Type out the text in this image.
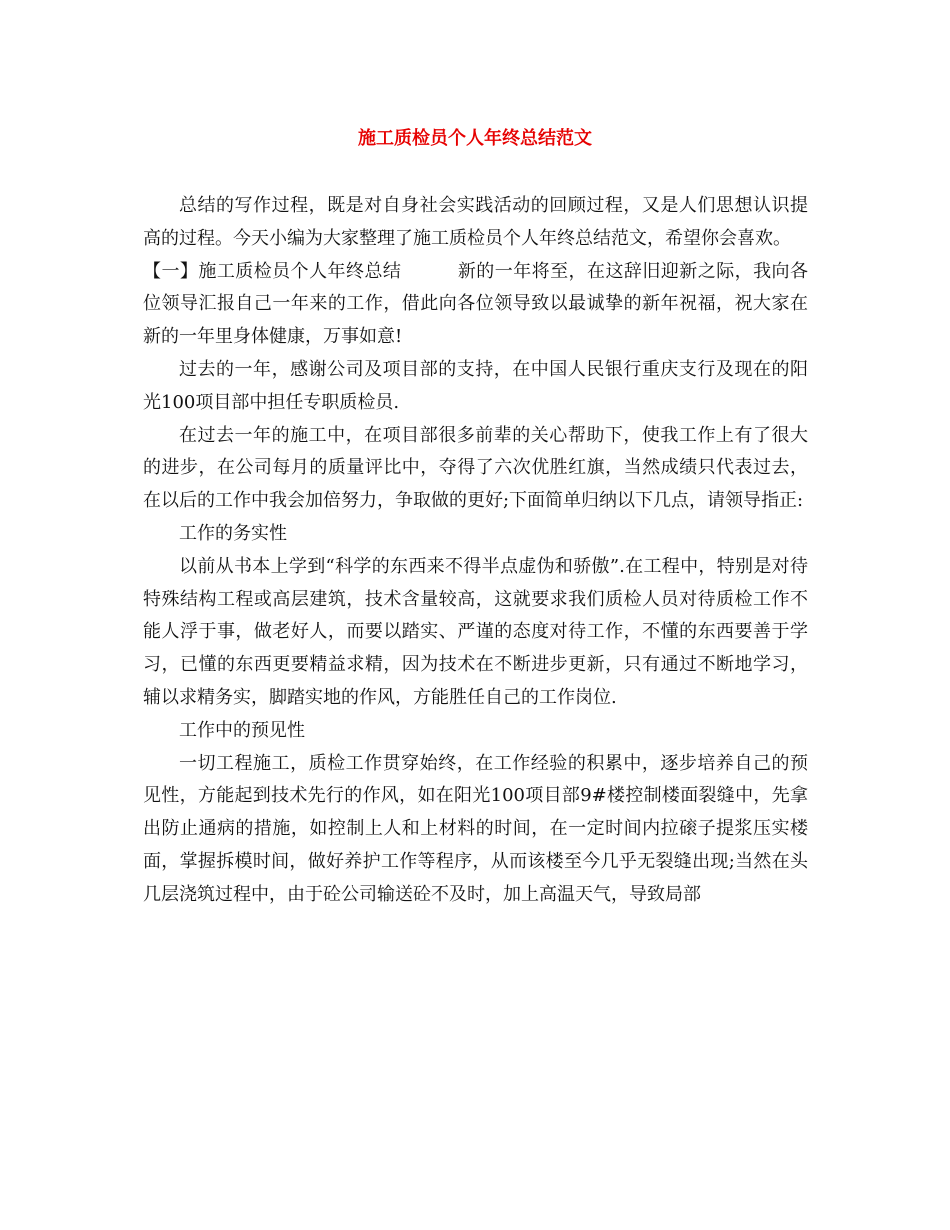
施工质检员个人年终总结范文

总结的写作过程，既是对自身社会实践活动的回顾过程，又是人们思想认识提高的过程。今天小编为大家整理了施工质检员个人年终总结范文，希望你会喜欢。

【一】施工质检员个人年终总结	新的一年将至，在这辞旧迎新之际，我向各位领导汇报自己一年来的工作，借此向各位领导致以最诚挚的新年祝福，祝大家在新的一年里身体健康，万事如意!

过去的一年，感谢公司及项目部的支持，在中国人民银行重庆支行及现在的阳光100项目部中担任专职质检员.

在过去一年的施工中，在项目部很多前辈的关心帮助下，使我工作上有了很大的进步，在公司每月的质量评比中，夺得了六次优胜红旗，当然成绩只代表过去，在以后的工作中我会加倍努力，争取做的更好;下面简单归纳以下几点，请领导指正:

工作的务实性

以前从书本上学到“科学的东西来不得半点虚伪和骄傲”.在工程中，特别是对待特殊结构工程或高层建筑，技术含量较高，这就要求我们质检人员对待质检工作不能人浮于事，做老好人，而要以踏实、严谨的态度对待工作，不懂的东西要善于学习，已懂的东西更要精益求精，因为技术在不断进步更新，只有通过不断地学习，辅以求精务实，脚踏实地的作风，方能胜任自己的工作岗位.

工作中的预见性

一切工程施工，质检工作贯穿始终，在工作经验的积累中，逐步培养自己的预见性，方能起到技术先行的作风，如在阳光100项目部9#楼控制楼面裂缝中，先拿出防止通病的措施，如控制上人和上材料的时间，在一定时间内拉磙子提浆压实楼面，掌握拆模时间，做好养护工作等程序，从而该楼至今几乎无裂缝出现;当然在头几层浇筑过程中，由于砼公司输送砼不及时，加上高温天气，导致局部
